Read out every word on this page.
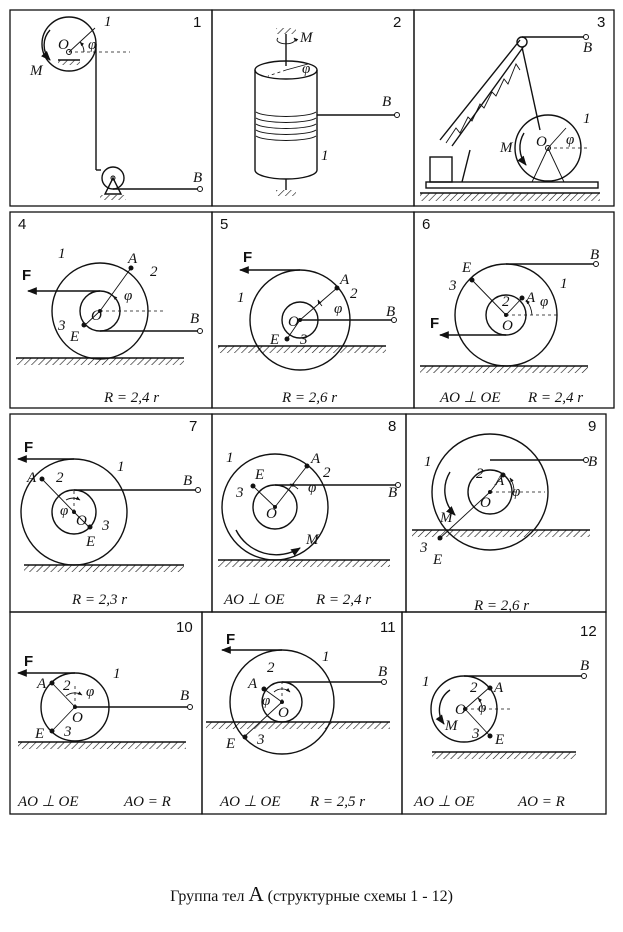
1
1
O φ
M
B
2
M
φ
B
1
3
B
1
O φ
M
4
1	A
2
F
φ
O
3
E
B
R = 2,4 r
5
F
A
2
1
φ
O
B
E 3
R = 2,6 r
6
B
E
3	1
2 A φ
O
F
AO ⊥ OE R = 2,4 r
7
F
A 2
1
B
φ
O 3
E
R = 2,3 r
8
1
E
A
2
3	φ
O
B
M
AO ⊥ OE R = 2,4 r
9
1	B
2 A
φ
O
M
3
E
R = 2,6 r
10
F
1
A 2 φ
O
B
E 3
AO ⊥ OE	AO = R
11
F
1
2
A
B
φ
O
E 3
AO ⊥ OE R = 2,5 r
12
B
1	2 A
O φ
M 3 E
AO ⊥ OE	AO = R
Группа тел A (структурные схемы 1 - 12)
